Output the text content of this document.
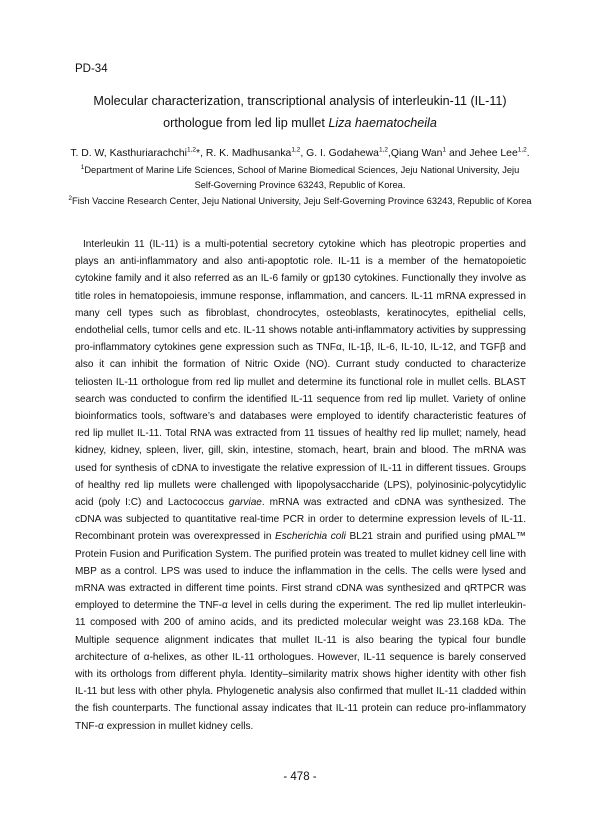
PD-34
Molecular characterization, transcriptional analysis of interleukin-11 (IL-11)
orthologue from led lip mullet Liza haematocheila
T. D. W, Kasthuriarachchi$^{1,2}$*, R. K. Madhusanka$^{1,2}$, G. I. Godahewa$^{1,2}$,Qiang Wan$^1$ and Jehee Lee$^{1,2}$.
$^1$Department of Marine Life Sciences, School of Marine Biomedical Sciences, Jeju National University, Jeju Self-Governing Province 63243, Republic of Korea.
$^2$Fish Vaccine Research Center, Jeju National University, Jeju Self-Governing Province 63243, Republic of Korea

Interleukin 11 (IL-11) is a multi-potential secretory cytokine which has pleotropic properties and plays an anti-inflammatory and also anti-apoptotic role. IL-11 is a member of the hematopoietic cytokine family and it also referred as an IL-6 family or gp130 cytokines. Functionally they involve as title roles in hematopoiesis, immune response, inflammation, and cancers. IL-11 mRNA expressed in many cell types such as fibroblast, chondrocytes, osteoblasts, keratinocytes, epithelial cells, endothelial cells, tumor cells and etc. IL-11 shows notable anti-inflammatory activities by suppressing pro-inflammatory cytokines gene expression such as TNFα, IL-1β, IL-6, IL-10, IL-12, and TGFβ and also it can inhibit the formation of Nitric Oxide (NO). Currant study conducted to characterize teliosten IL-11 orthologue from red lip mullet and determine its functional role in mullet cells. BLAST search was conducted to confirm the identified IL-11 sequence from red lip mullet. Variety of online bioinformatics tools, software’s and databases were employed to identify characteristic features of red lip mullet IL-11. Total RNA was extracted from 11 tissues of healthy red lip mullet; namely, head kidney, kidney, spleen, liver, gill, skin, intestine, stomach, heart, brain and blood. The mRNA was used for synthesis of cDNA to investigate the relative expression of IL-11 in different tissues. Groups of healthy red lip mullets were challenged with lipopolysaccharide (LPS), polyinosinic-polycytidylic acid (poly I:C) and Lactococcus garviae. mRNA was extracted and cDNA was synthesized. The cDNA was subjected to quantitative real-time PCR in order to determine expression levels of IL-11. Recombinant protein was overexpressed in Escherichia coli BL21 strain and purified using pMAL™ Protein Fusion and Purification System. The purified protein was treated to mullet kidney cell line with MBP as a control. LPS was used to induce the inflammation in the cells. The cells were lysed and mRNA was extracted in different time points. First strand cDNA was synthesized and qRTPCR was employed to determine the TNF-α level in cells during the experiment. The red lip mullet interleukin-11 composed with 200 of amino acids, and its predicted molecular weight was 23.168 kDa. The Multiple sequence alignment indicates that mullet IL-11 is also bearing the typical four bundle architecture of α-helixes, as other IL-11 orthologues. However, IL-11 sequence is barely conserved with its orthologs from different phyla. Identity–similarity matrix shows higher identity with other fish IL-11 but less with other phyla. Phylogenetic analysis also confirmed that mullet IL-11 cladded within the fish counterparts. The functional assay indicates that IL-11 protein can reduce pro-inflammatory TNF-α expression in mullet kidney cells.

- 478 -
